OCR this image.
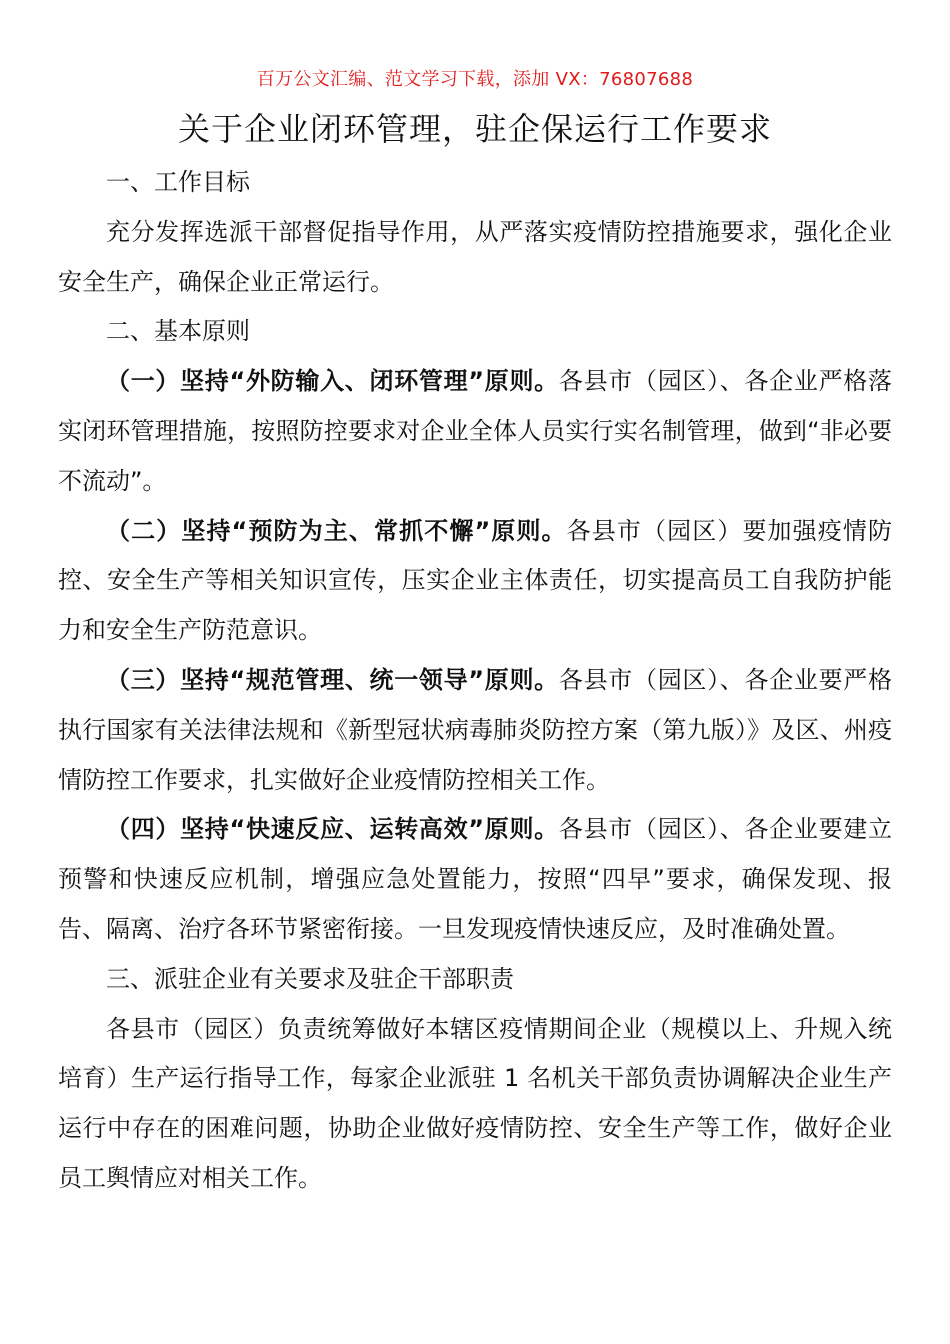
百万公文汇编、范文学习下载，添加 VX：76807688
关于企业闭环管理，驻企保运行工作要求

一、工作目标

充分发挥选派干部督促指导作用，从严落实疫情防控措施要求，强化企业安全生产，确保企业正常运行。

二、基本原则

（一）坚持“外防输入、闭环管理”原则。各县市（园区）、各企业严格落实闭环管理措施，按照防控要求对企业全体人员实行实名制管理，做到“非必要不流动”。

（二）坚持“预防为主、常抓不懈”原则。各县市（园区）要加强疫情防控、安全生产等相关知识宣传，压实企业主体责任，切实提高员工自我防护能力和安全生产防范意识。

（三）坚持“规范管理、统一领导”原则。各县市（园区）、各企业要严格执行国家有关法律法规和《新型冠状病毒肺炎防控方案（第九版）》及区、州疫情防控工作要求，扎实做好企业疫情防控相关工作。

（四）坚持“快速反应、运转高效”原则。各县市（园区）、各企业要建立预警和快速反应机制，增强应急处置能力，按照“四早”要求，确保发现、报告、隔离、治疗各环节紧密衔接。一旦发现疫情快速反应，及时准确处置。

三、派驻企业有关要求及驻企干部职责

各县市（园区）负责统筹做好本辖区疫情期间企业（规模以上、升规入统培育）生产运行指导工作，每家企业派驻 1 名机关干部负责协调解决企业生产运行中存在的困难问题，协助企业做好疫情防控、安全生产等工作，做好企业员工舆情应对相关工作。
